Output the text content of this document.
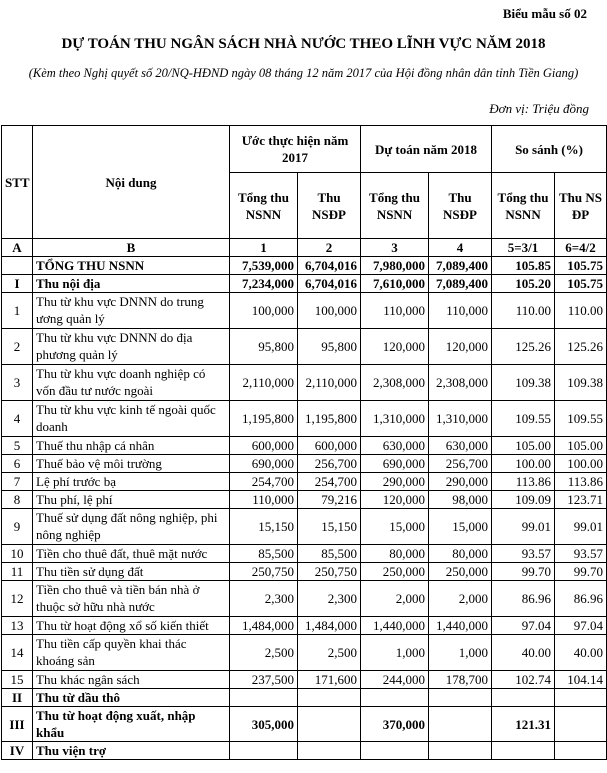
Biểu mẫu số 02
DỰ TOÁN THU NGÂN SÁCH NHÀ NƯỚC THEO LĨNH VỰC NĂM 2018
(Kèm theo Nghị quyết số 20/NQ-HĐND ngày 08 tháng 12 năm 2017 của Hội đồng nhân dân tỉnh Tiền Giang)
Đơn vị: Triệu đồng
STT	Nội dung	Ước thực hiện năm 2017		Dự toán năm 2018		So sánh (%)	
		Tổng thu NSNN	Thu NSĐP	Tổng thu NSNN	Thu NSĐP	Tổng thu NSNN	Thu NS ĐP
A	B	1	2	3	4	5=3/1	6=4/2
	TỔNG THU NSNN	7,539,000	6,704,016	7,980,000	7,089,400	105.85	105.75
I	Thu nội địa	7,234,000	6,704,016	7,610,000	7,089,400	105.20	105.75
1	Thu từ khu vực DNNN do trung ương quản lý	100,000	100,000	110,000	110,000	110.00	110.00
2	Thu từ khu vực DNNN do địa phương quản lý	95,800	95,800	120,000	120,000	125.26	125.26
3	Thu từ khu vực doanh nghiệp có vốn đầu tư nước ngoài	2,110,000	2,110,000	2,308,000	2,308,000	109.38	109.38
4	Thu từ khu vực kinh tế ngoài quốc doanh	1,195,800	1,195,800	1,310,000	1,310,000	109.55	109.55
5	Thuế thu nhập cá nhân	600,000	600,000	630,000	630,000	105.00	105.00
6	Thuế bảo vệ môi trường	690,000	256,700	690,000	256,700	100.00	100.00
7	Lệ phí trước bạ	254,700	254,700	290,000	290,000	113.86	113.86
8	Thu phí, lệ phí	110,000	79,216	120,000	98,000	109.09	123.71
9	Thuế sử dụng đất nông nghiệp, phi nông nghiệp	15,150	15,150	15,000	15,000	99.01	99.01
10	Tiền cho thuê đất, thuê mặt nước	85,500	85,500	80,000	80,000	93.57	93.57
11	Thu tiền sử dụng đất	250,750	250,750	250,000	250,000	99.70	99.70
12	Tiền cho thuê và tiền bán nhà ở thuộc sở hữu nhà nước	2,300	2,300	2,000	2,000	86.96	86.96
13	Thu từ hoạt động xổ số kiến thiết	1,484,000	1,484,000	1,440,000	1,440,000	97.04	97.04
14	Thu tiền cấp quyền khai thác khoáng sản	2,500	2,500	1,000	1,000	40.00	40.00
15	Thu khác ngân sách	237,500	171,600	244,000	178,700	102.74	104.14
II	Thu từ dầu thô						
III	Thu từ hoạt động xuất, nhập khẩu	305,000		370,000		121.31	
IV	Thu viện trợ						
